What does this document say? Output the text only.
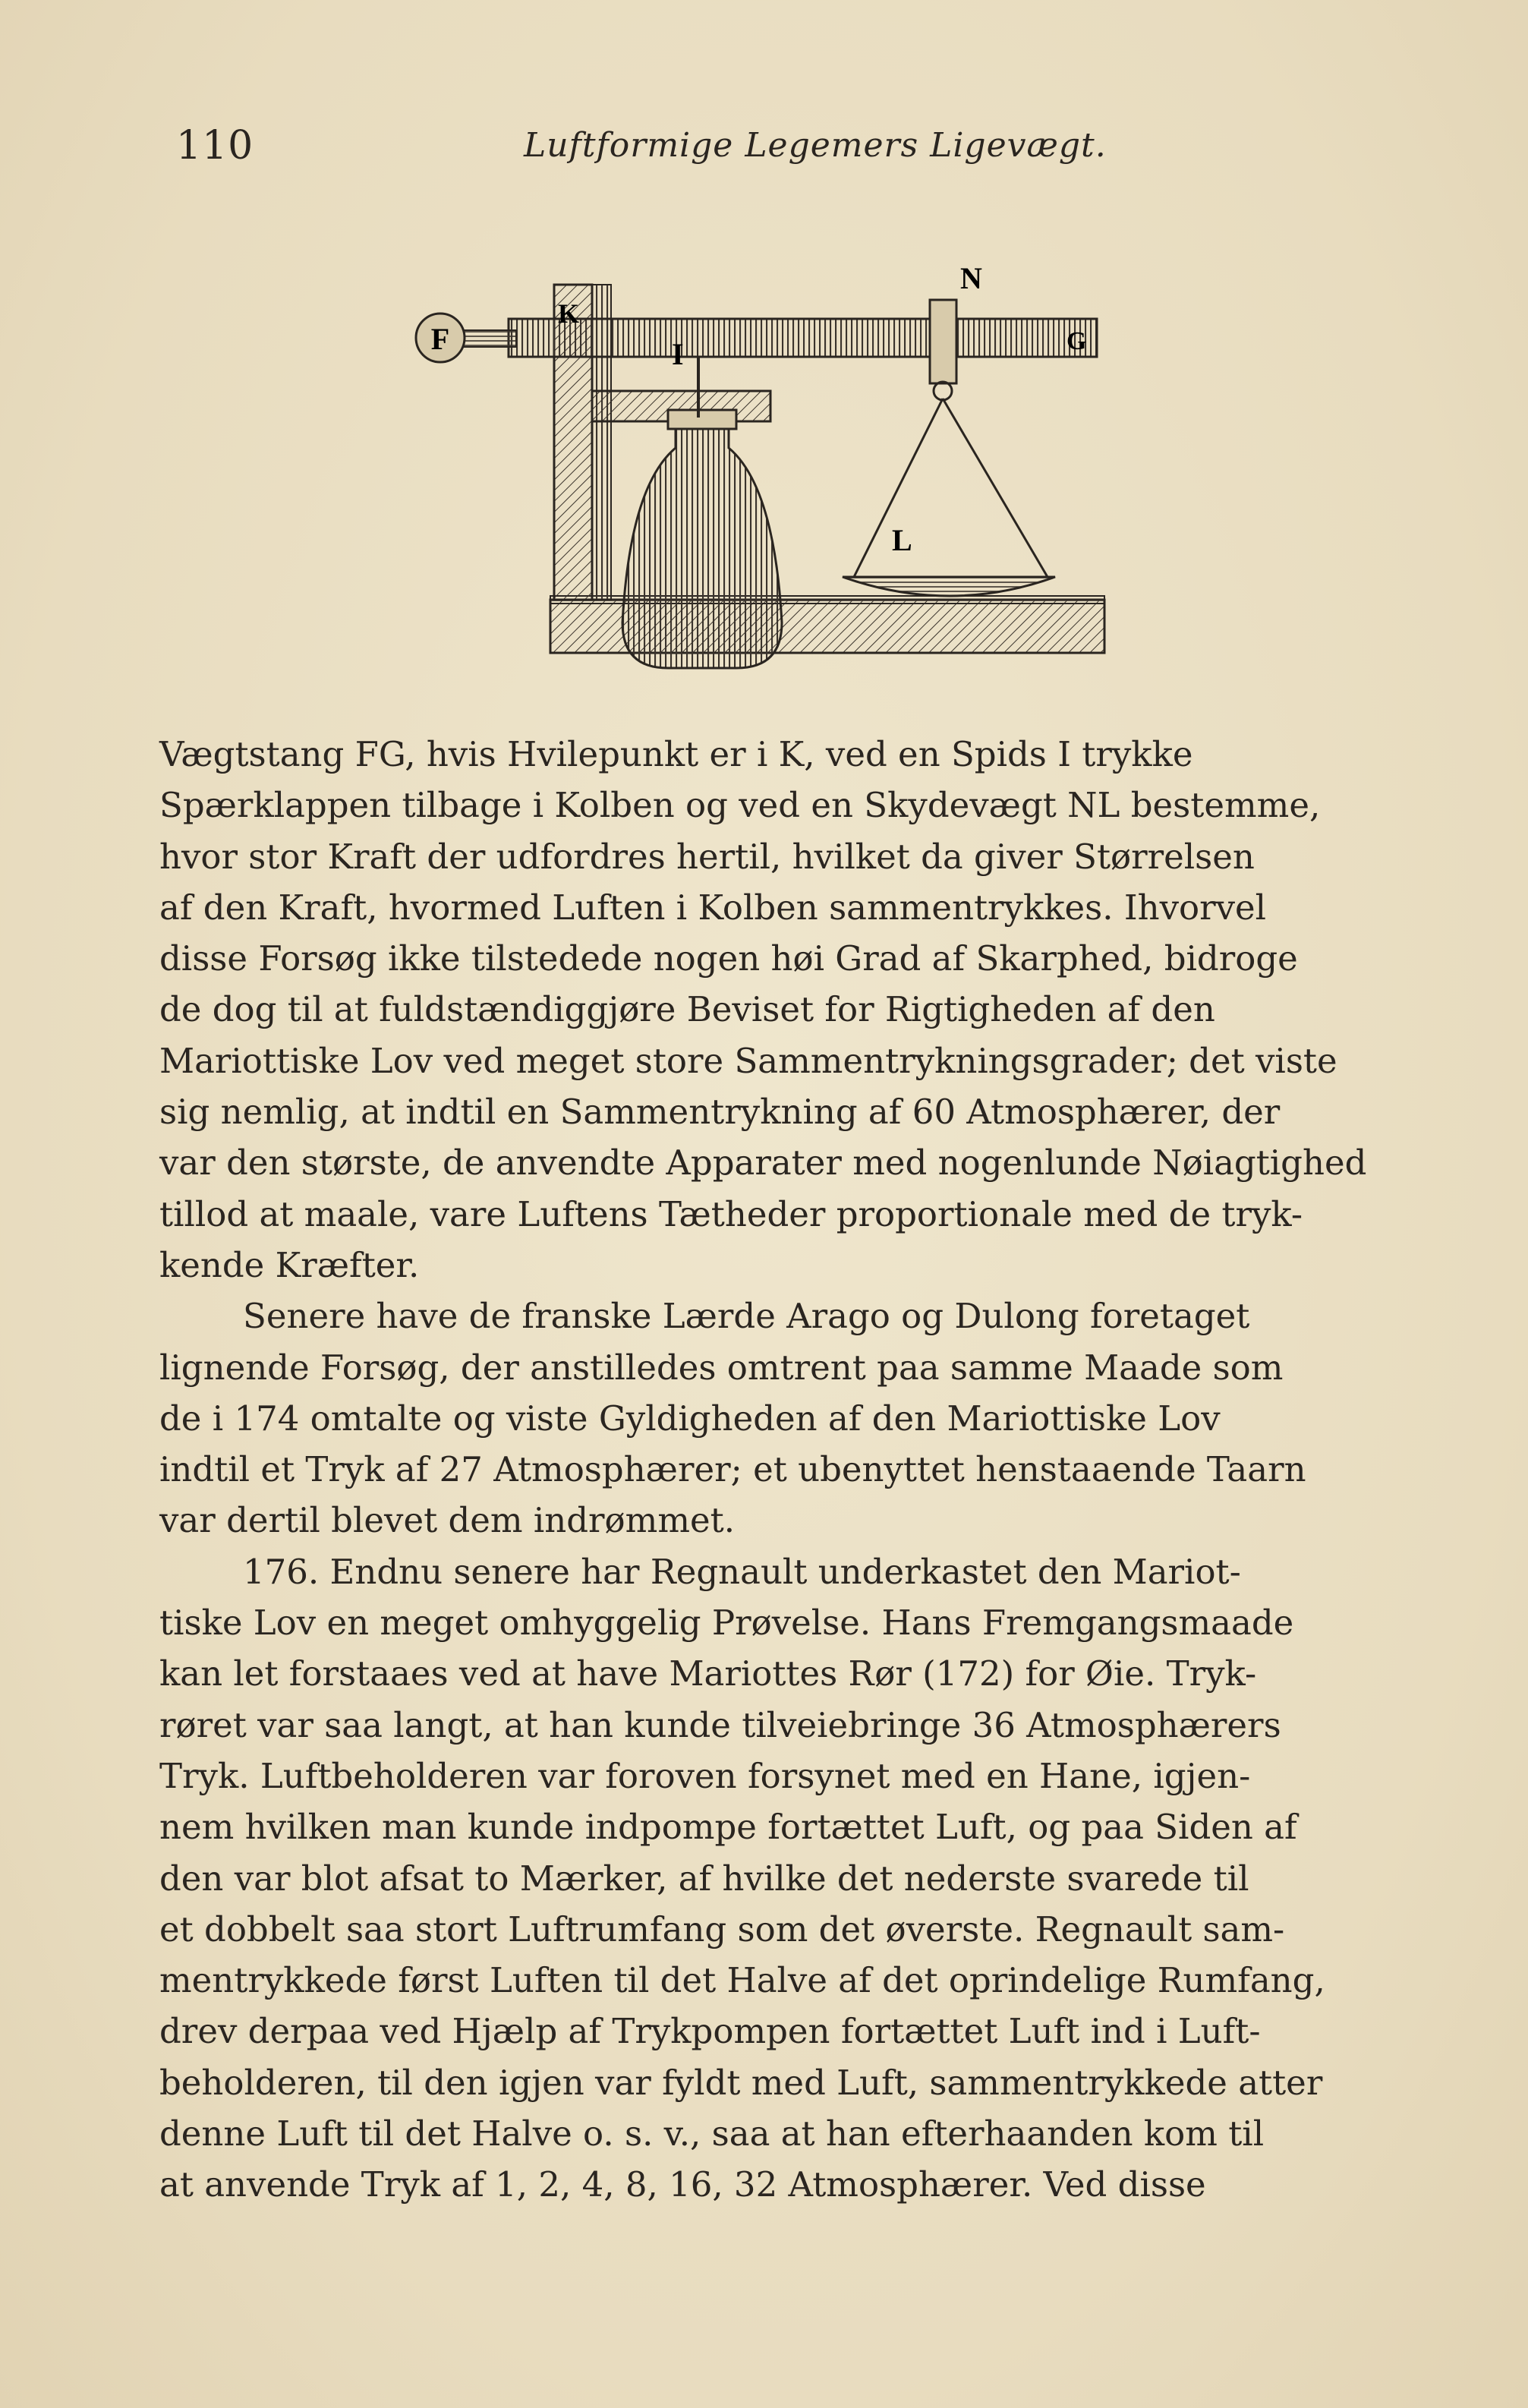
110	Luftformige Legemers Ligevægt.
F	I
K
N
G
L

Vægtstang FG, hvis Hvilepunkt er i K, ved en Spids I trykke
Spærklappen tilbage i Kolben og ved en Skydevægt NL bestemme,
hvor stor Kraft der udfordres hertil, hvilket da giver Størrelsen
af den Kraft, hvormed Luften i Kolben sammentrykkes. Ihvorvel
disse Forsøg ikke tilstedede nogen høi Grad af Skarphed, bidroge
de dog til at fuldstændiggjøre Beviset for Rigtigheden af den
Mariottiske Lov ved meget store Sammentrykningsgrader; det viste
sig nemlig, at indtil en Sammentrykning af 60 Atmosphærer, der
var den største, de anvendte Apparater med nogenlunde Nøiagtighed
tillod at maale, vare Luftens Tætheder proportionale med de tryk-
kende Kræfter.

Senere have de franske Lærde Arago og Dulong foretaget
lignende Forsøg, der anstilledes omtrent paa samme Maade som
de i 174 omtalte og viste Gyldigheden af den Mariottiske Lov
indtil et Tryk af 27 Atmosphærer; et ubenyttet henstaaende Taarn
var dertil blevet dem indrømmet.

176. Endnu senere har Regnault underkastet den Mariot-
tiske Lov en meget omhyggelig Prøvelse. Hans Fremgangsmaade
kan let forstaaes ved at have Mariottes Rør (172) for Øie. Tryk-
røret var saa langt, at han kunde tilveiebringe 36 Atmosphærers
Tryk. Luftbeholderen var foroven forsynet med en Hane, igjen-
nem hvilken man kunde indpompe fortættet Luft, og paa Siden af
den var blot afsat to Mærker, af hvilke det nederste svarede til
et dobbelt saa stort Luftrumfang som det øverste. Regnault sam-
mentrykkede først Luften til det Halve af det oprindelige Rumfang,
drev derpaa ved Hjælp af Trykpompen fortættet Luft ind i Luft-
beholderen, til den igjen var fyldt med Luft, sammentrykkede atter
denne Luft til det Halve o. s. v., saa at han efterhaanden kom til
at anvende Tryk af 1, 2, 4, 8, 16, 32 Atmosphærer. Ved disse
